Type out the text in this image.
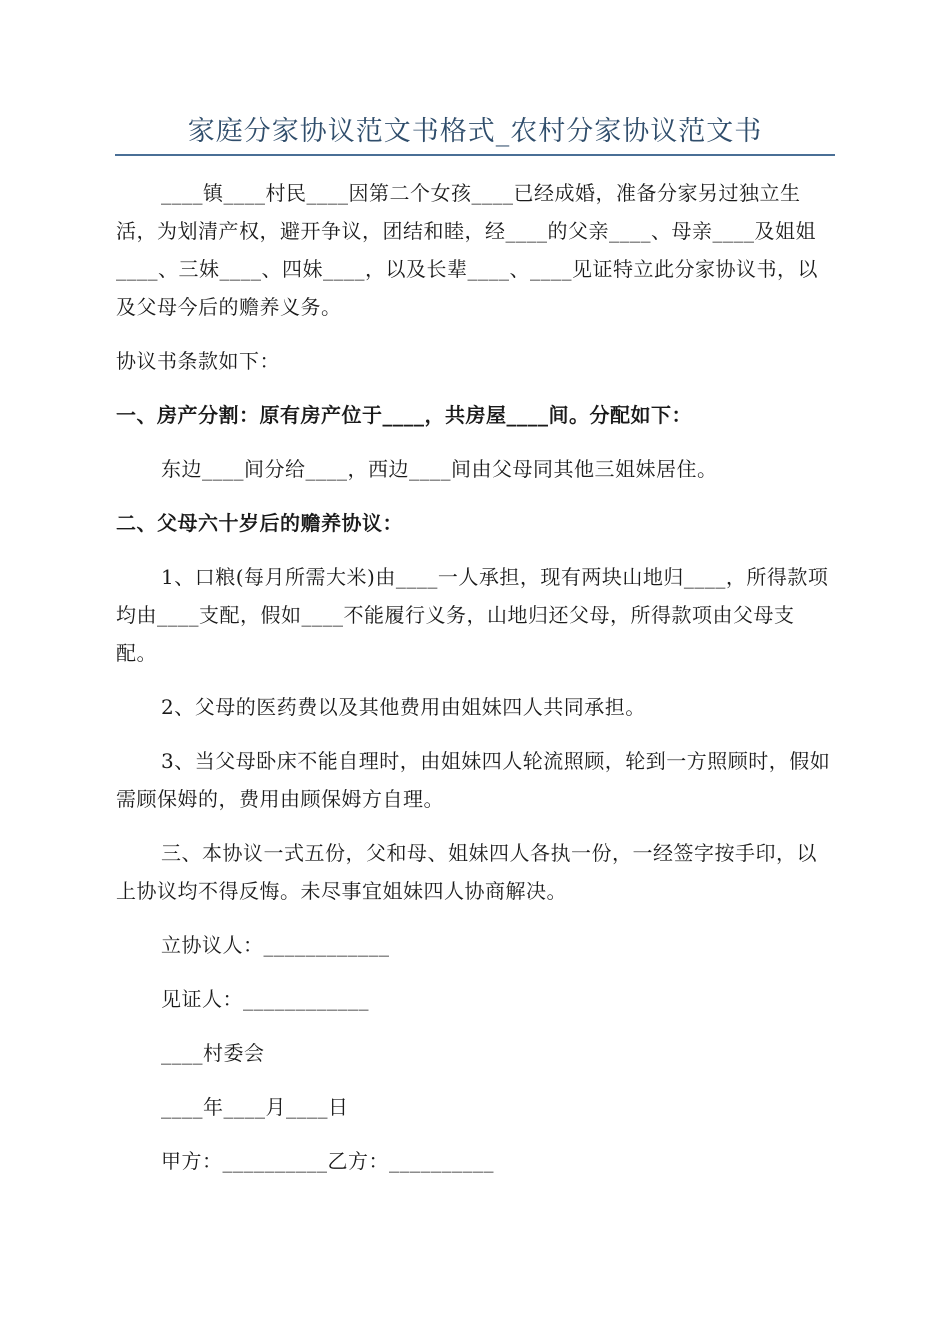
家庭分家协议范文书格式_农村分家协议范文书

____镇____村民____因第二个女孩____已经成婚，准备分家另过独立生活，为划清产权，避开争议，团结和睦，经____的父亲____、母亲____及姐姐____、三妹____、四妹____，以及长辈____、____见证特立此分家协议书，以及父母今后的赡养义务。

协议书条款如下：

一、房产分割：原有房产位于____，共房屋____间。分配如下：

东边____间分给____，西边____间由父母同其他三姐妹居住。

二、父母六十岁后的赡养协议：

1、口粮(每月所需大米)由____一人承担，现有两块山地归____，所得款项均由____支配，假如____不能履行义务，山地归还父母，所得款项由父母支配。

2、父母的医药费以及其他费用由姐妹四人共同承担。

3、当父母卧床不能自理时，由姐妹四人轮流照顾，轮到一方照顾时，假如需顾保姆的，费用由顾保姆方自理。

三、本协议一式五份，父和母、姐妹四人各执一份，一经签字按手印，以上协议均不得反悔。未尽事宜姐妹四人协商解决。

立协议人：____________

见证人：____________

____村委会

____年____月____日

甲方：__________乙方：__________
